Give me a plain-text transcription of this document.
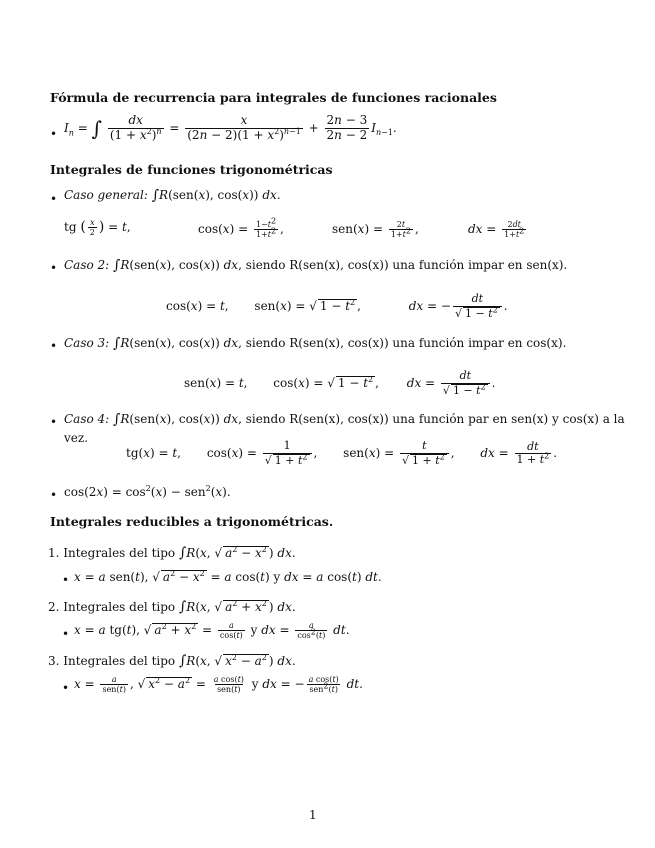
Fórmula de recurrencia para integrales de funciones racionales
• $I_n$ = ∫ $\frac{dx}{(1 + x^2)^n} = \frac{x}{(2n - 2)(1 + x^2)^{n-1}} + \frac{2n - 3}{2n - 2} I_{n-1}$.
Integrales de funciones trigonométricas
• Caso general: ∫R(sen(x), cos(x)) dx.
tg ( $\frac{x}{2}$ ) = t,	$\cos(x) = \frac{1-t^2}{1+t^2}$ ,	$sen(x) = \frac{2t}{1+t^2}$ ,	dx = $\frac{2dt}{1+t^2}$
• Caso 2: ∫R(sen(x), cos(x)) dx, siendo R(sen(x), cos(x)) una función impar en sen(x).
cos(x) = t, sen(x) = √ $1 - t^2$ ,	dx = − $\frac{dt}{√ 1 - t^2}$ .
• Caso 3: ∫R(sen(x), cos(x)) dx, siendo R(sen(x), cos(x)) una función impar en cos(x).
sen(x) = t, cos(x) = √ $1 - t^2$ , dx = $\frac{dt}{√ 1 - t^2}$ .
• Caso 4: ∫R(sen(x), cos(x)) dx, siendo R(sen(x), cos(x)) una función par en sen(x) y cos(x) a la
vez.
tg(x) = t, $\cos(x) = \frac{1}{√ 1 + t^2}$ , $sen(x) = \frac{t}{√ 1 + t^2}$ , dx = $\frac{dt}{1 + t^2}$ .
• $\cos(2x) = \cos^2(x) - sen^2(x)$.
Integrales reducibles a trigonométricas.
1. Integrales del tipo ∫R(x, √ $a^2 - x^2$ ) dx.
• x = a sen(t), √ $a^2 - x^2 = a$ cos(t) y dx = a cos(t) dt.
2. Integrales del tipo ∫R(x, √ $a^2 + x^2$ ) dx.
• x = a tg(t), √ $a^2 + x^2 = \frac{a}{\cos(t)}$ y dx = $\frac{a}{\cos^2(t)}$ dt.
3. Integrales del tipo ∫R(x, √ $x^2 - a^2$ ) dx.
• $x = \frac{a}{\text{sen(t)}}$ , √ $x^2 - a^2 = \frac{\text{a cos(t)}}{\text{sen(t)}}$ y dx = − $\frac{\text{a cos(t)}}{sen^2(t)}$ dt.
1
